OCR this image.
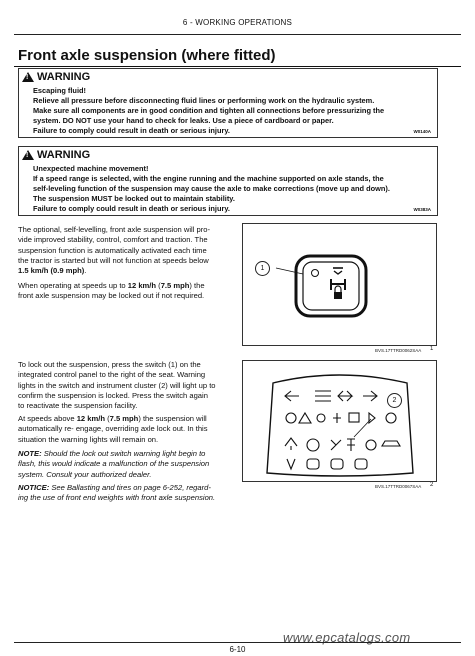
6 - WORKING OPERATIONS
Front axle suspension (where fitted)
! WARNING
Escaping fluid!
Relieve all pressure before disconnecting fluid lines or performing work on the hydraulic system.
Make sure all components are in good condition and tighten all connections before pressurizing the
system. DO NOT use your hand to check for leaks. Use a piece of cardboard or paper.
Failure to comply could result in death or serious injury.	W0140A
! WARNING
Unexpected machine movement!
If a speed range is selected, with the engine running and the machine supported on axle stands, the
self-leveling function of the suspension may cause the axle to make corrections (move up and down).
The suspension MUST be locked out to maintain stability.
Failure to comply could result in death or serious injury.	W0383A
The optional, self-levelling, front axle suspension will pro-
vide improved stability, control, comfort and traction. The
suspension function is automatically activated each time
the tractor is started but will not function at speeds below
1.5 km/h (0.9 mph).
When operating at speeds up to 12 km/h (7.5 mph) the
front axle suspension may be locked out if not required.
1
BVS.17TTRD0062SAA 1
To lock out the suspension, press the switch (1) on the
integrated control panel to the right of the seat. Warning
lights in the switch and instrument cluster (2) will light up to
confirm the suspension is locked. Press the switch again
to reactivate the suspension facility.
At speeds above 12 km/h (7.5 mph) the suspension will
automatically re- engage, overriding axle lock out. In this
situation the warning lights will remain on.
NOTE: Should the lock out switch warning light begin to
flash, this would indicate a malfunction of the suspension
system. Consult your authorized dealer.
NOTICE: See Ballasting and tires on page 6-252, regard-
ing the use of front end weights with front axle suspension.
2
BVS.17TTRD0067SAA 2
www.epcatalogs.com
6-10
